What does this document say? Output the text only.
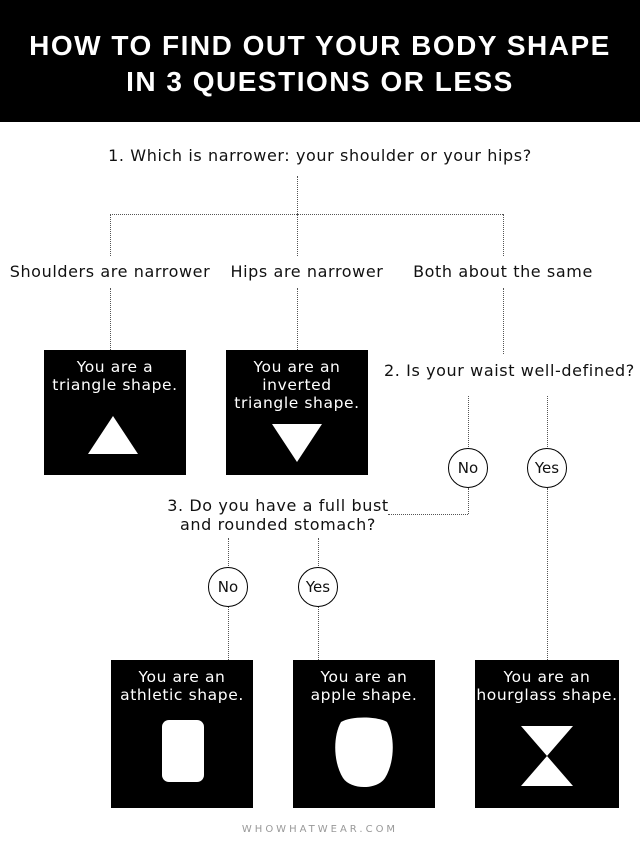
HOW TO FIND OUT YOUR BODY SHAPE
IN 3 QUESTIONS OR LESS
1. Which is narrower: your shoulder or your hips?
Shoulders are narrower	Hips are narrower	Both about the same
You are a
triangle shape.
You are an
inverted
triangle shape.
2. Is your waist well-defined?
No	Yes
3. Do you have a full bust
and rounded stomach?
No	Yes
You are an
athletic shape.
You are an
apple shape.
You are an
hourglass shape.
WHOWHATWEAR.COM
